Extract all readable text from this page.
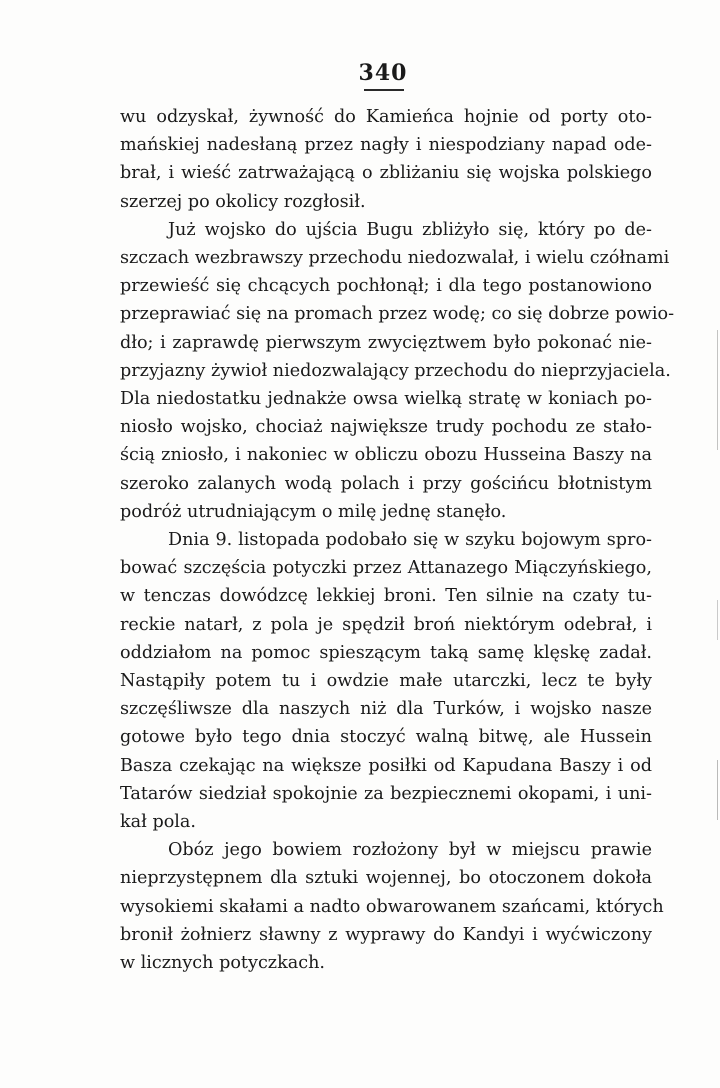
340
wu odzyskał, żywność do Kamieńca hojnie od porty oto-
mańskiej nadesłaną przez nagły i niespodziany napad ode-
brał, i wieść zatrważającą o zbliżaniu się wojska polskiego
szerzej po okolicy rozgłosił.
Już wojsko do ujścia Bugu zbliżyło się, który po de-
szczach wezbrawszy przechodu niedozwalał, i wielu czółnami
przewieść się chcących pochłonął; i dla tego postanowiono
przeprawiać się na promach przez wodę; co się dobrze powio-
dło; i zaprawdę pierwszym zwycięztwem było pokonać nie-
przyjazny żywioł niedozwalający przechodu do nieprzyjaciela.
Dla niedostatku jednakże owsa wielką stratę w koniach po-
niosło wojsko, chociaż największe trudy pochodu ze stało-
ścią zniosło, i nakoniec w obliczu obozu Husseina Baszy na
szeroko zalanych wodą polach i przy gościńcu błotnistym
podróż utrudniającym o milę jednę stanęło.
Dnia 9. listopada podobało się w szyku bojowym spro-
bować szczęścia potyczki przez Attanazego Miączyńskiego,
w tenczas dowódzcę lekkiej broni. Ten silnie na czaty tu-
reckie natarł, z pola je spędził broń niektórym odebrał, i
oddziałom na pomoc spieszącym taką samę klęskę zadał.
Nastąpiły potem tu i owdzie małe utarczki, lecz te były
szczęśliwsze dla naszych niż dla Turków, i wojsko nasze
gotowe było tego dnia stoczyć walną bitwę, ale Hussein
Basza czekając na większe posiłki od Kapudana Baszy i od
Tatarów siedział spokojnie za bezpiecznemi okopami, i uni-
kał pola.
Obóz jego bowiem rozłożony był w miejscu prawie
nieprzystępnem dla sztuki wojennej, bo otoczonem dokoła
wysokiemi skałami a nadto obwarowanem szańcami, których
bronił żołnierz sławny z wyprawy do Kandyi i wyćwiczony
w licznych potyczkach.
